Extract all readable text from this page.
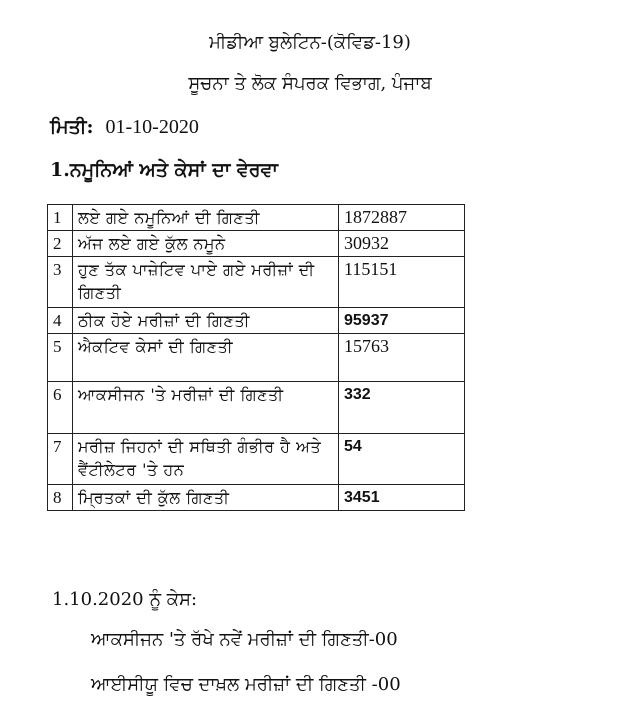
ਮੀਡੀਆ ਬੁਲੇਟਿਨ-(ਕੋਵਿਡ-19)
ਸੂਚਨਾ ਤੇ ਲੋਕ ਸੰਪਰਕ ਵਿਭਾਗ, ਪੰਜਾਬ
ਮਿਤੀ: 01-10-2020
1.ਨਮੂਨਿਆਂ ਅਤੇ ਕੇਸਾਂ ਦਾ ਵੇਰਵਾ
1	ਲਏ ਗਏ ਨਮੂਨਿਆਂ ਦੀ ਗਿਣਤੀ	1872887
2	ਅੱਜ ਲਏ ਗਏ ਕੁੱਲ ਨਮੂਨੇ	30932
3	ਹੁਣ ਤੱਕ ਪਾਜ਼ੇਟਿਵ ਪਾਏ ਗਏ ਮਰੀਜ਼ਾਂ ਦੀ ਗਿਣਤੀ	115151
4	ਠੀਕ ਹੋਏ ਮਰੀਜ਼ਾਂ ਦੀ ਗਿਣਤੀ	95937
5	ਐਕਟਿਵ ਕੇਸਾਂ ਦੀ ਗਿਣਤੀ	15763
6	ਆਕਸੀਜਨ 'ਤੇ ਮਰੀਜ਼ਾਂ ਦੀ ਗਿਣਤੀ	332
7	ਮਰੀਜ਼ ਜਿਹਨਾਂ ਦੀ ਸਥਿਤੀ ਗੰਭੀਰ ਹੈ ਅਤੇ ਵੈਂਟੀਲੇਟਰ 'ਤੇ ਹਨ	54
8	ਮ੍ਰਿਤਕਾਂ ਦੀ ਕੁੱਲ ਗਿਣਤੀ	3451
1.10.2020 ਨੂੰ ਕੇਸ:
ਆਕਸੀਜਨ 'ਤੇ ਰੱਖੇ ਨਵੇਂ ਮਰੀਜ਼ਾਂ ਦੀ ਗਿਣਤੀ-00
ਆਈਸੀਯੂ ਵਿਚ ਦਾਖ਼ਲ ਮਰੀਜ਼ਾਂ ਦੀ ਗਿਣਤੀ -00
